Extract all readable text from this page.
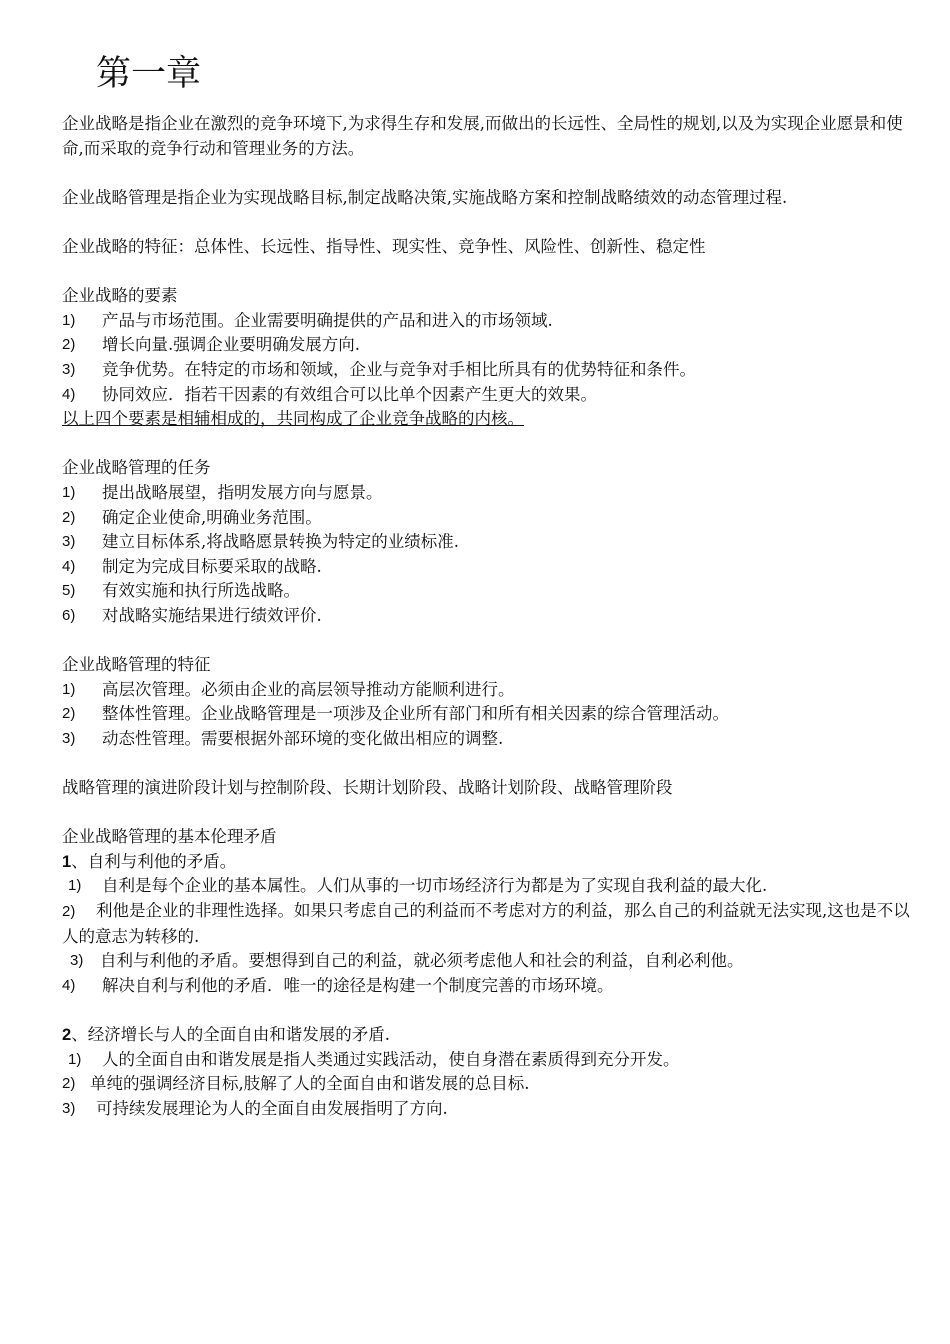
第一章

企业战略是指企业在激烈的竞争环境下,为求得生存和发展,而做出的长远性、全局性的规划,以及为实现企业愿景和使命,而采取的竞争行动和管理业务的方法。

企业战略管理是指企业为实现战略目标,制定战略决策,实施战略方案和控制战略绩效的动态管理过程.

企业战略的特征：总体性、长远性、指导性、现实性、竞争性、风险性、创新性、稳定性

企业战略的要素

1)	产品与市场范围。企业需要明确提供的产品和进入的市场领域.
2)	增长向量.强调企业要明确发展方向.
3)	竞争优势。在特定的市场和领域，企业与竞争对手相比所具有的优势特征和条件。
4)	协同效应．指若干因素的有效组合可以比单个因素产生更大的效果。

以上四个要素是相辅相成的，共同构成了企业竞争战略的内核。

企业战略管理的任务

1)	提出战略展望，指明发展方向与愿景。
2)	确定企业使命,明确业务范围。
3)	建立目标体系,将战略愿景转换为特定的业绩标准.
4)	制定为完成目标要采取的战略.
5)	有效实施和执行所选战略。
6)	对战略实施结果进行绩效评价.

企业战略管理的特征

1)	高层次管理。必须由企业的高层领导推动方能顺利进行。
2)	整体性管理。企业战略管理是一项涉及企业所有部门和所有相关因素的综合管理活动。
3)	动态性管理。需要根据外部环境的变化做出相应的调整.

战略管理的演进阶段计划与控制阶段、长期计划阶段、战略计划阶段、战略管理阶段

企业战略管理的基本伦理矛盾

1、自利与利他的矛盾。

1)	自利是每个企业的基本属性。人们从事的一切市场经济行为都是为了实现自我利益的最大化.
2) 利他是企业的非理性选择。如果只考虑自己的利益而不考虑对方的利益，那么自己的利益就无法实现,这也是不以人的意志为转移的.
3)	自利与利他的矛盾。要想得到自己的利益，就必须考虑他人和社会的利益，自利必利他。
4)	解决自利与利他的矛盾．唯一的途径是构建一个制度完善的市场环境。

2、经济增长与人的全面自由和谐发展的矛盾.

1)	人的全面自由和谐发展是指人类通过实践活动，使自身潜在素质得到充分开发。
2) 单纯的强调经济目标,肢解了人的全面自由和谐发展的总目标.
3)	可持续发展理论为人的全面自由发展指明了方向.
